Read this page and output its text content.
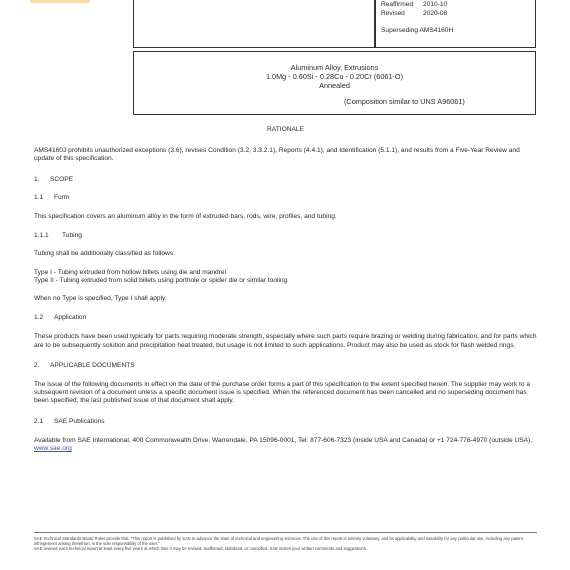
Reaffirmed	2010-10
Revised	2020-08
Superseding AMS4160H
Aluminum Alloy, Extrusions
1.0Mg - 0.60Si - 0.28Cu - 0.20Cr (6061-O)
Annealed
(Composition similar to UNS A96061)
RATIONALE

AMS4160J prohibits unauthorized exceptions (3.6), revises Condition (3.2, 3.3.2.1), Reports (4.4.1), and Identification (5.1.1), and results from a Five-Year Review and update of this specification.

1.	SCOPE
1.1	Form

This specification covers an aluminum alloy in the form of extruded bars, rods, wire, profiles, and tubing.

1.1.1	Tubing

Tubing shall be additionally classified as follows:

Type I - Tubing extruded from hollow billets using die and mandrel

Type II - Tubing extruded from solid billets using porthole or spider die or similar tooling

When no Type is specified, Type I shall apply.

1.2	Application

These products have been used typically for parts requiring moderate strength, especially where such parts require brazing or welding during fabrication, and for parts which are to be subsequently solution and precipitation heat treated, but usage is not limited to such applications. Product may also be used as stock for flash welded rings.

2.	APPLICABLE DOCUMENTS

The issue of the following documents in effect on the date of the purchase order forms a part of this specification to the extent specified herein. The supplier may work to a subsequent revision of a document unless a specific document issue is specified. When the referenced document has been cancelled and no superseding document has been specified, the last published issue of that document shall apply.

2.1	SAE Publications

Available from SAE International, 400 Commonwealth Drive, Warrendale, PA 15096-0001, Tel: 877-606-7323 (inside USA and Canada) or +1 724-776-4970 (outside USA), www.sae.org

SAE Technical Standards Board Rules provide that: "This report is published by SAE to advance the state of technical and engineering sciences. The use of this report is entirely voluntary, and its applicability and suitability for any particular use, including any patent infringement arising therefrom, is the sole responsibility of the user."
SAE reviews each technical report at least every five years at which time it may be revised, reaffirmed, stabilized, or cancelled. SAE invites your written comments and suggestions.
